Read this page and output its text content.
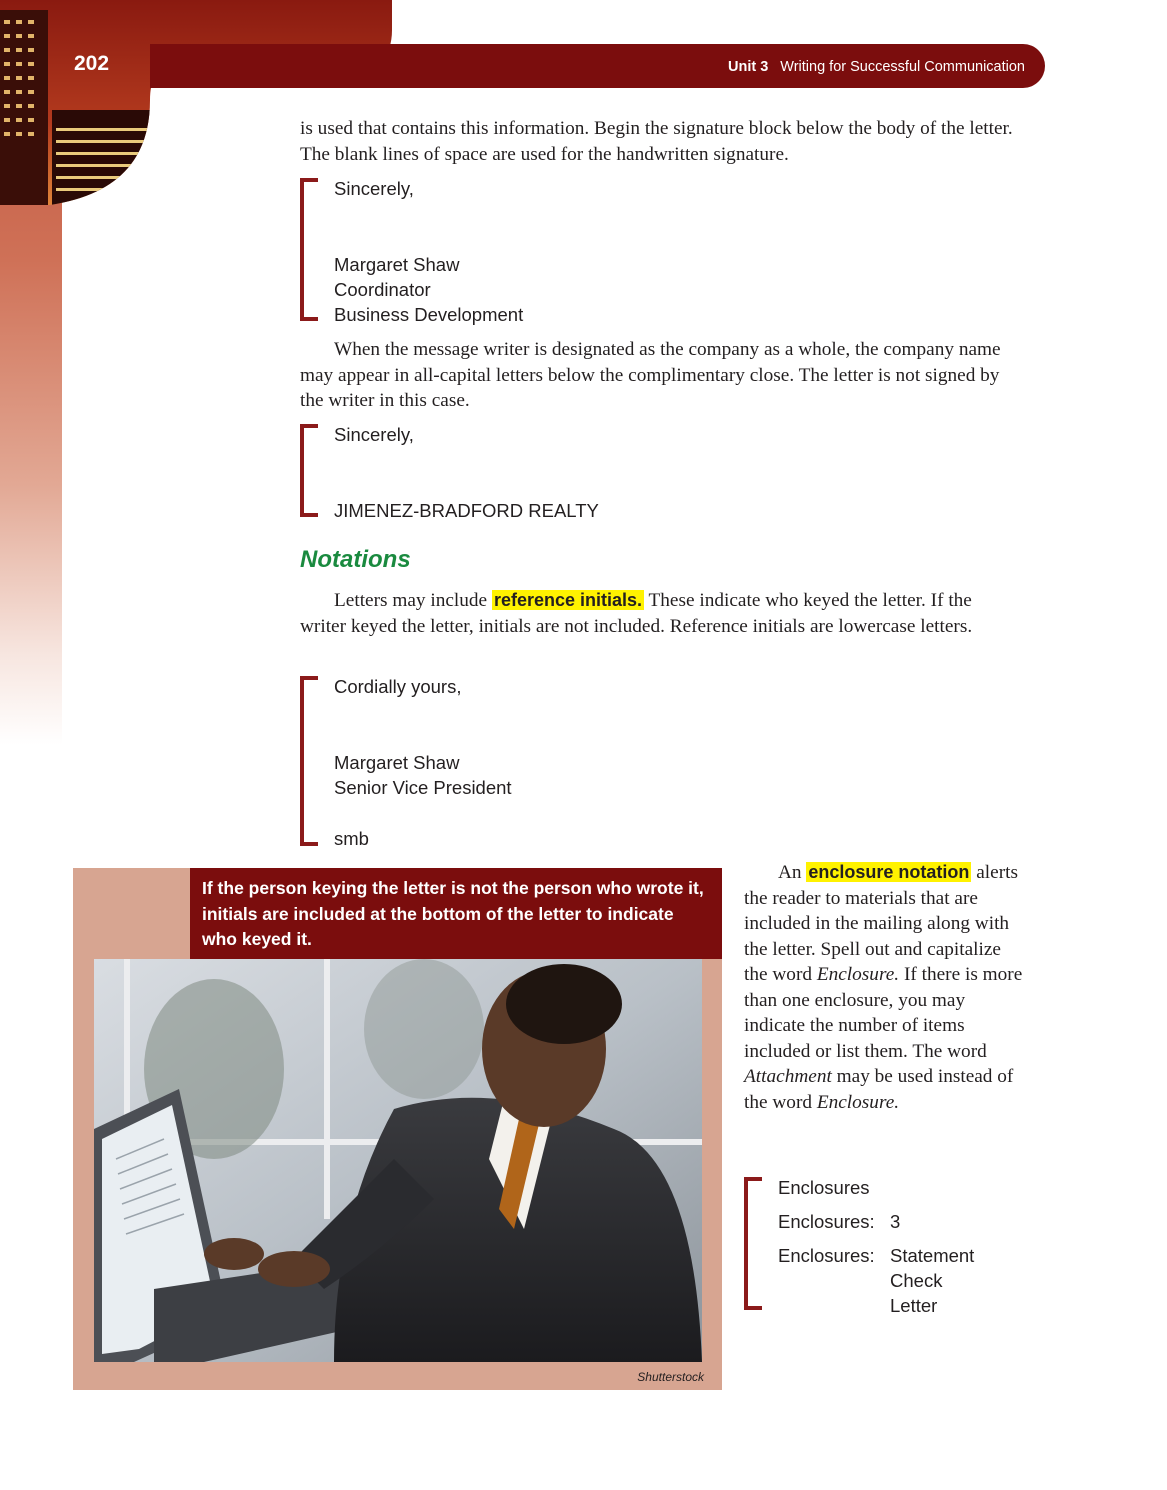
202	Unit 3 Writing for Successful Communication

is used that contains this information. Begin the signature block below the body of the letter. The blank lines of space are used for the handwritten signature.

Sincerely,
Margaret Shaw
Coordinator
Business Development

When the message writer is designated as the company as a whole, the company name may appear in all-capital letters below the complimentary close. The letter is not signed by the writer in this case.

Sincerely,
JIMENEZ-BRADFORD REALTY
Notations

Letters may include reference initials. These indicate who keyed the letter. If the writer keyed the letter, initials are not included. Reference initials are lowercase letters.

Cordially yours,
Margaret Shaw
Senior Vice President
smb
If the person keying the letter is not the person who wrote it, initials are included at the bottom of the letter to indicate who keyed it.
Shutterstock

An enclosure notation alerts the reader to materials that are included in the mailing along with the letter. Spell out and capitalize the word Enclosure. If there is more than one enclosure, you may indicate the number of items included or list them. The word Attachment may be used instead of the word Enclosure.

Enclosures
Enclosures: 3
Enclosures: Statement
Check
Letter
